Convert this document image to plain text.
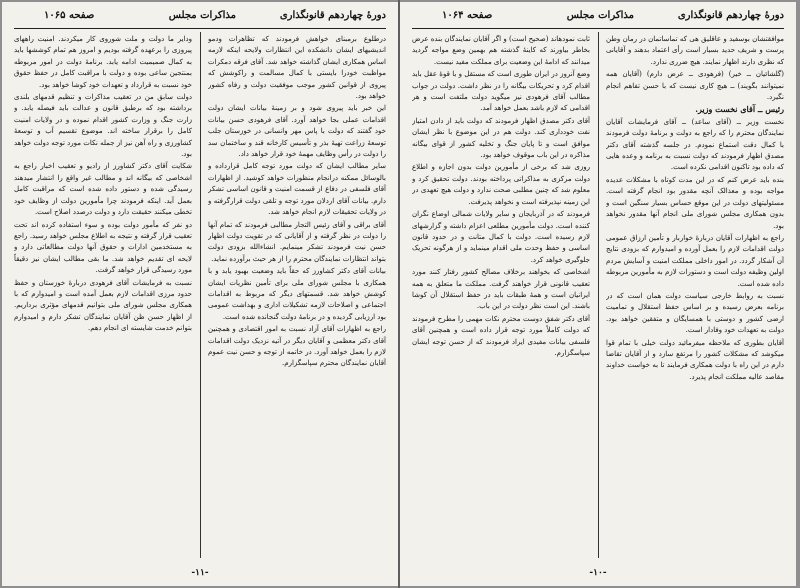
دورهٔ چهاردهم قانونگذاری
مذاکرات مجلس
صفحه ۱۰۶۵

درطلوع برمبنای خواهش فرمودند که تظاهرات ودمو اندیشیهای ایشان دانشکده این انتظارات ولایحه اینکه لازمه اساس همکاری ایشان گذاشته خواهد شد. آقای فرقه دمکرات مواظبت خودرا بایستی با کمال مسالمت و راکوشش که پیروی از قوانین کشور موجب موفقیت دولت و رفاه کشور خواهد بود.

این خبر باید پیروی شود و بر زمینهٔ بیانات ایشان دولت اقدامات عملی بجا خواهد آورد. آقای فرهودی حسن بیانات خود گفتند که دولت با پاس مهر وانسانی در خوزستان جلب توسعهٔ زراعت تهیهٔ بذر و تأسیس کارخانه قند و ساختمان سد را دولت در رأس وظایف مهمهٔ خود قرار خواهد داد.

سایر مطالب ایشان که دولت مورد توجه کامل قرارداده و بالوسائل ممکنه درانجام منظورات خواهد کوشید. از اظهارات آقای فلسفی در دفاع از قسمت امنیت و قانون اساسی تشکر دارم. بیانات آقای اردلان مورد توجه و تلقی دولت قرارگرفته و در ولایات تحقیقات لازم انجام خواهد شد.

آقای براقی و آقای رئیس التجار مطالبی فرمودند که تمام آنها را دولت در نظر گرفته و از آقایانی که در تقویت دولت اظهار حسن نیت فرمودند تشکر مینمایم. انشاءالله بزودی دولت بتواند انتظارات نمایندگان محترم را از هر حیث برآورده نماید.

بیانات آقای دکتر کشاورز که حقاً باید وضعیت بهبود یابد و با همکاری با مجلس شورای ملی برای تأمین نظریات ایشان کوشش خواهد شد. قسمتهای دیگر که مربوط به اقدامات اجتماعی و اصلاحات لازمه تشکیلات اداری و بهداشت عمومی بود ارزیابی گردیده و در برنامهٔ دولت گنجانده شده است.

راجع به اظهارات آقای آزاد نسبت به امور اقتصادی و همچنین آقای دکتر معظمی و آقایان دیگر در آتیه نزدیک دولت اقدامات لازم را بعمل خواهد آورد. در خاتمه از توجه و حسن نیت عموم آقایان نمایندگان محترم سپاسگزارم.

ودایر ما دولت و ملت شوروی کار میکردند. امنیت راههای پیروزی را برعهده گرفته بودیم و امروز هم تمام کوششها باید به کمال صمیمیت ادامه یابد. برنامهٔ دولت در امور مربوطه بمنتجین ساعی بوده و دولت با مراقبت کامل در حفظ حقوق خود نسبت به قرارداد و تعهدات خود کوشا خواهد بود.

دولت سابق من در تعقیب مذاکرات و تنظیم قدمهای بلندی برداشته بود که برطبق قانون و عدالت باید فیصله یابد. و زارت جنگ و وزارت کشور اقدام نموده و در ولایات امنیت کامل را برقرار ساخته اند. موضوع تقسیم آب و توسعهٔ کشاورزی و راه آهن نیز از جمله نکات مورد توجه دولت خواهد بود.

شکایت آقای دکتر کشاورز از رادیو و تعقیب اخبار راجع به اشخاصی که بیگانه اند و مطالب غیر واقع را انتشار میدهند رسیدگی شده و دستور داده شده است که مراقبت کامل بعمل آید. اینکه فرمودند چرا مأمورین دولت از وظایف خود تخطی میکنند حقیقت دارد و دولت درصدد اصلاح است.

دو نفر که مأمور دولت بوده و سوء استفاده کرده اند تحت تعقیب قرار گرفته و نتیجه به اطلاع مجلس خواهد رسید. راجع به مستخدمین ادارات و حقوق آنها دولت مطالعاتی دارد و لایحه ای تقدیم خواهد شد. ما بقی مطالب ایشان نیز دقیقاً مورد رسیدگی قرار خواهد گرفت.

نسبت به فرمایشات آقای فرهودی دربارهٔ خوزستان و حفظ حدود مرزی اقدامات لازم بعمل آمده است و امیدوارم که با همکاری مجلس شورای ملی بتوانیم قدمهای مؤثری برداریم. از اظهار حسن ظن آقایان نمایندگان تشکر دارم و امیدوارم بتوانم خدمت شایسته ای انجام دهم.

-۱۱-
دورهٔ چهاردهم قانونگذاری
مذاکرات مجلس
صفحه ۱۰۶۴

موافقتشان بوسفید و عاقلیق هی که تماساتمان در رمان وطن پرست و شریف حدید بسیار است رأی اعتماد بدهند و آقایانی که نظری دارند اظهار نمایند. هیچ ضرری ندارد.

(گلشائیان ــ خیر) (فرهودی ــ عرض دارم) (آقایان همه نمیتوانند بگویند) ــ هیچ کاری نیست که با حسن تفاهم انجام نگیرد.

رئیس ــ آقای نخست وزیر.

نخست وزیر ــ (آقای ساعد) ــ آقای فرمایشات آقایان نمایندگان محترم را که راجع به دولت و برنامهٔ دولت فرمودند با کمال دقت استماع نمودم. در جلسه گذشته آقای دکتر مصدق اظهار فرمودند که دولت نسبت به برنامه و وعده هایی که داده بود تاکنون اقدامی نکرده است.

بنده باید عرض کنم که در این مدت کوتاه با مشکلات عدیده مواجه بوده و معذالک آنچه مقدور بود انجام گرفته است. مسئولیتهای دولت در این موقع حساس بسیار سنگین است و بدون همکاری مجلس شورای ملی انجام آنها مقدور نخواهد بود.

راجع به اظهارات آقایان دربارهٔ خواربار و تأمین ارزاق عمومی دولت اقدامات لازم را بعمل آورده و امیدوارم که بزودی نتایج آن آشکار گردد. در امور داخلی مملکت امنیت و آسایش مردم اولین وظیفه دولت است و دستورات لازم به مأمورین مربوطه داده شده است.

نسبت به روابط خارجی سیاست دولت همان است که در برنامه بعرض رسیده و بر اساس حفظ استقلال و تمامیت ارضی کشور و دوستی با همسایگان و متفقین خواهد بود. دولت به تعهدات خود وفادار است.

آقایان بطوری که ملاحظه میفرمائید دولت خیلی با تمام قوا میکوشد که مشکلات کشور را مرتفع سازد و از آقایان تقاضا دارم در این راه با دولت همکاری فرمایند تا به خواست خداوند مقاصد عالیه مملکت انجام پذیرد.

ثابت نمودهاند (صحیح است) و اگر آقایان نمایندگان بنده عرض بخاطر بیاورند که کاینهٔ گذشته هم بهمین وضع مواجه گردید میدانند که ادامهٔ این وضعیت برای مملکت مفید نیست.

وضع آنروز در ایران طوری است که مستقل و با قوهٔ عقل باید اقدام کرد و تحریکات بیگانه را در نظر داشت. دولت در جواب مطالب آقای فرهودی نیز میگوید دولت ملتفت است و هر اقدامی که لازم باشد بعمل خواهد آمد.

آقای دکتر مصدق اظهار فرمودند که دولت باید از دادن امتیاز نفت خودداری کند. دولت هم در این موضوع با نظر ایشان موافق است و تا پایان جنگ و تخلیه کشور از قوای بیگانه مذاکره در این باب موقوف خواهد بود.

روزی شد که برخی از مأمورین دولت بدون اجازه و اطلاع دولت مرکزی به مذاکراتی پرداخته بودند. دولت تحقیق کرد و معلوم شد که چنین مطلبی صحت ندارد و دولت هیچ تعهدی در این زمینه نپذیرفته است و نخواهد پذیرفت.

فرمودند که در آذربایجان و سایر ولایات شمالی اوضاع نگران کننده است. دولت مأمورین مطلعی اعزام داشته و گزارشهای لازم رسیده است. دولت با کمال متانت و در حدود قانون اساسی و حفظ وحدت ملی اقدام مینماید و از هرگونه تحریک جلوگیری خواهد کرد.

اشخاصی که بخواهند برخلاف مصالح کشور رفتار کنند مورد تعقیب قانونی قرار خواهند گرفت. مملکت ما متعلق به همه ایرانیان است و همهٔ طبقات باید در حفظ استقلال آن کوشا باشند. این است نظر دولت در این باب.

آقای دکتر شفق دوست محترم نکات مهمی را مطرح فرمودند که دولت کاملاً مورد توجه قرار داده است و همچنین آقای فلسفی بیانات مفیدی ایراد فرمودند که از حسن توجه ایشان سپاسگزارم.

-۱۰-
